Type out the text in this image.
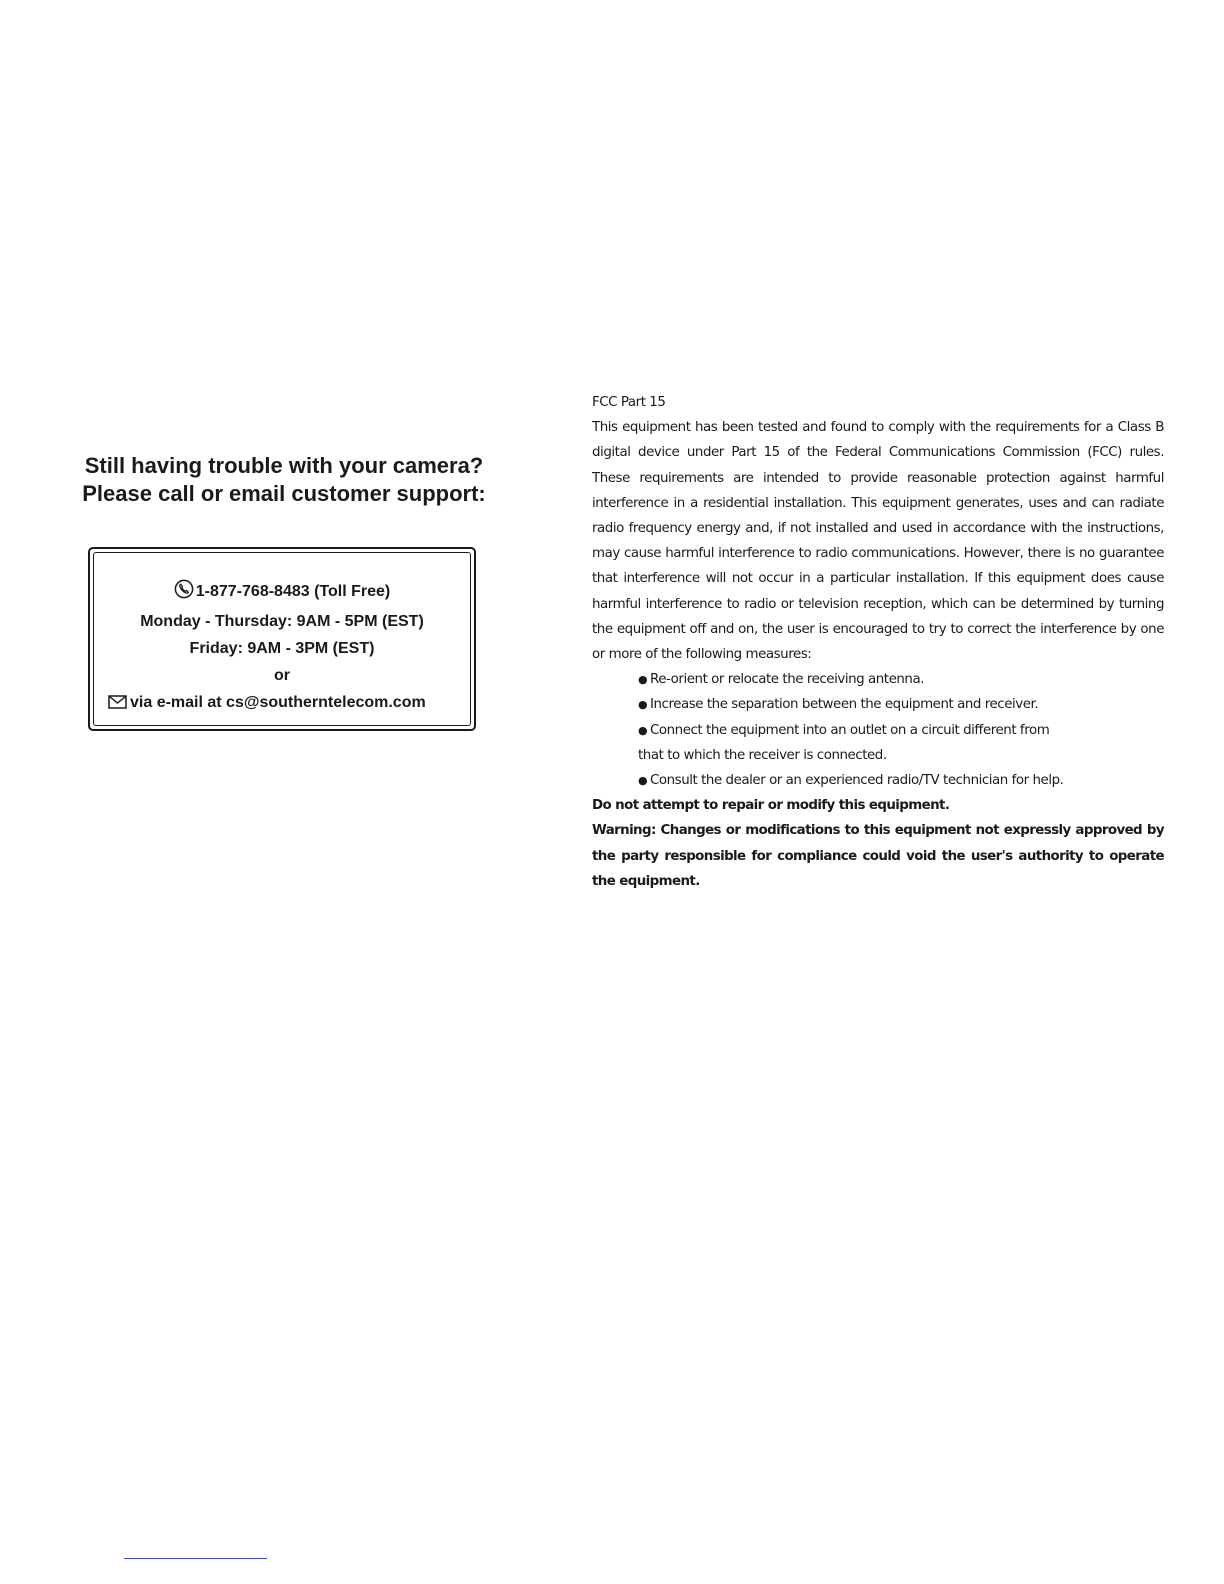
Still having trouble with your camera?
Please call or email customer support:
1-877-768-8483 (Toll Free)
Monday - Thursday: 9AM - 5PM (EST)
Friday: 9AM - 3PM (EST)
or
via e-mail at cs@southerntelecom.com

FCC Part 15

This equipment has been tested and found to comply with the requirements for a Class B digital device under Part 15 of the Federal Communications Commission (FCC) rules. These requirements are intended to provide reasonable protection against harmful interference in a residential installation. This equipment generates, uses and can radiate radio frequency energy and, if not installed and used in accordance with the instructions, may cause harmful interference to radio communications. However, there is no guarantee that interference will not occur in a particular installation. If this equipment does cause harmful interference to radio or television reception, which can be determined by turning the equipment off and on, the user is encouraged to try to correct the interference by one or more of the following measures:

● Re-orient or relocate the receiving antenna.
● Increase the separation between the equipment and receiver.
● Connect the equipment into an outlet on a circuit different from
that to which the receiver is connected.
● Consult the dealer or an experienced radio/TV technician for help.

Do not attempt to repair or modify this equipment.

Warning: Changes or modifications to this equipment not expressly approved by the party responsible for compliance could void the user's authority to operate the equipment.
